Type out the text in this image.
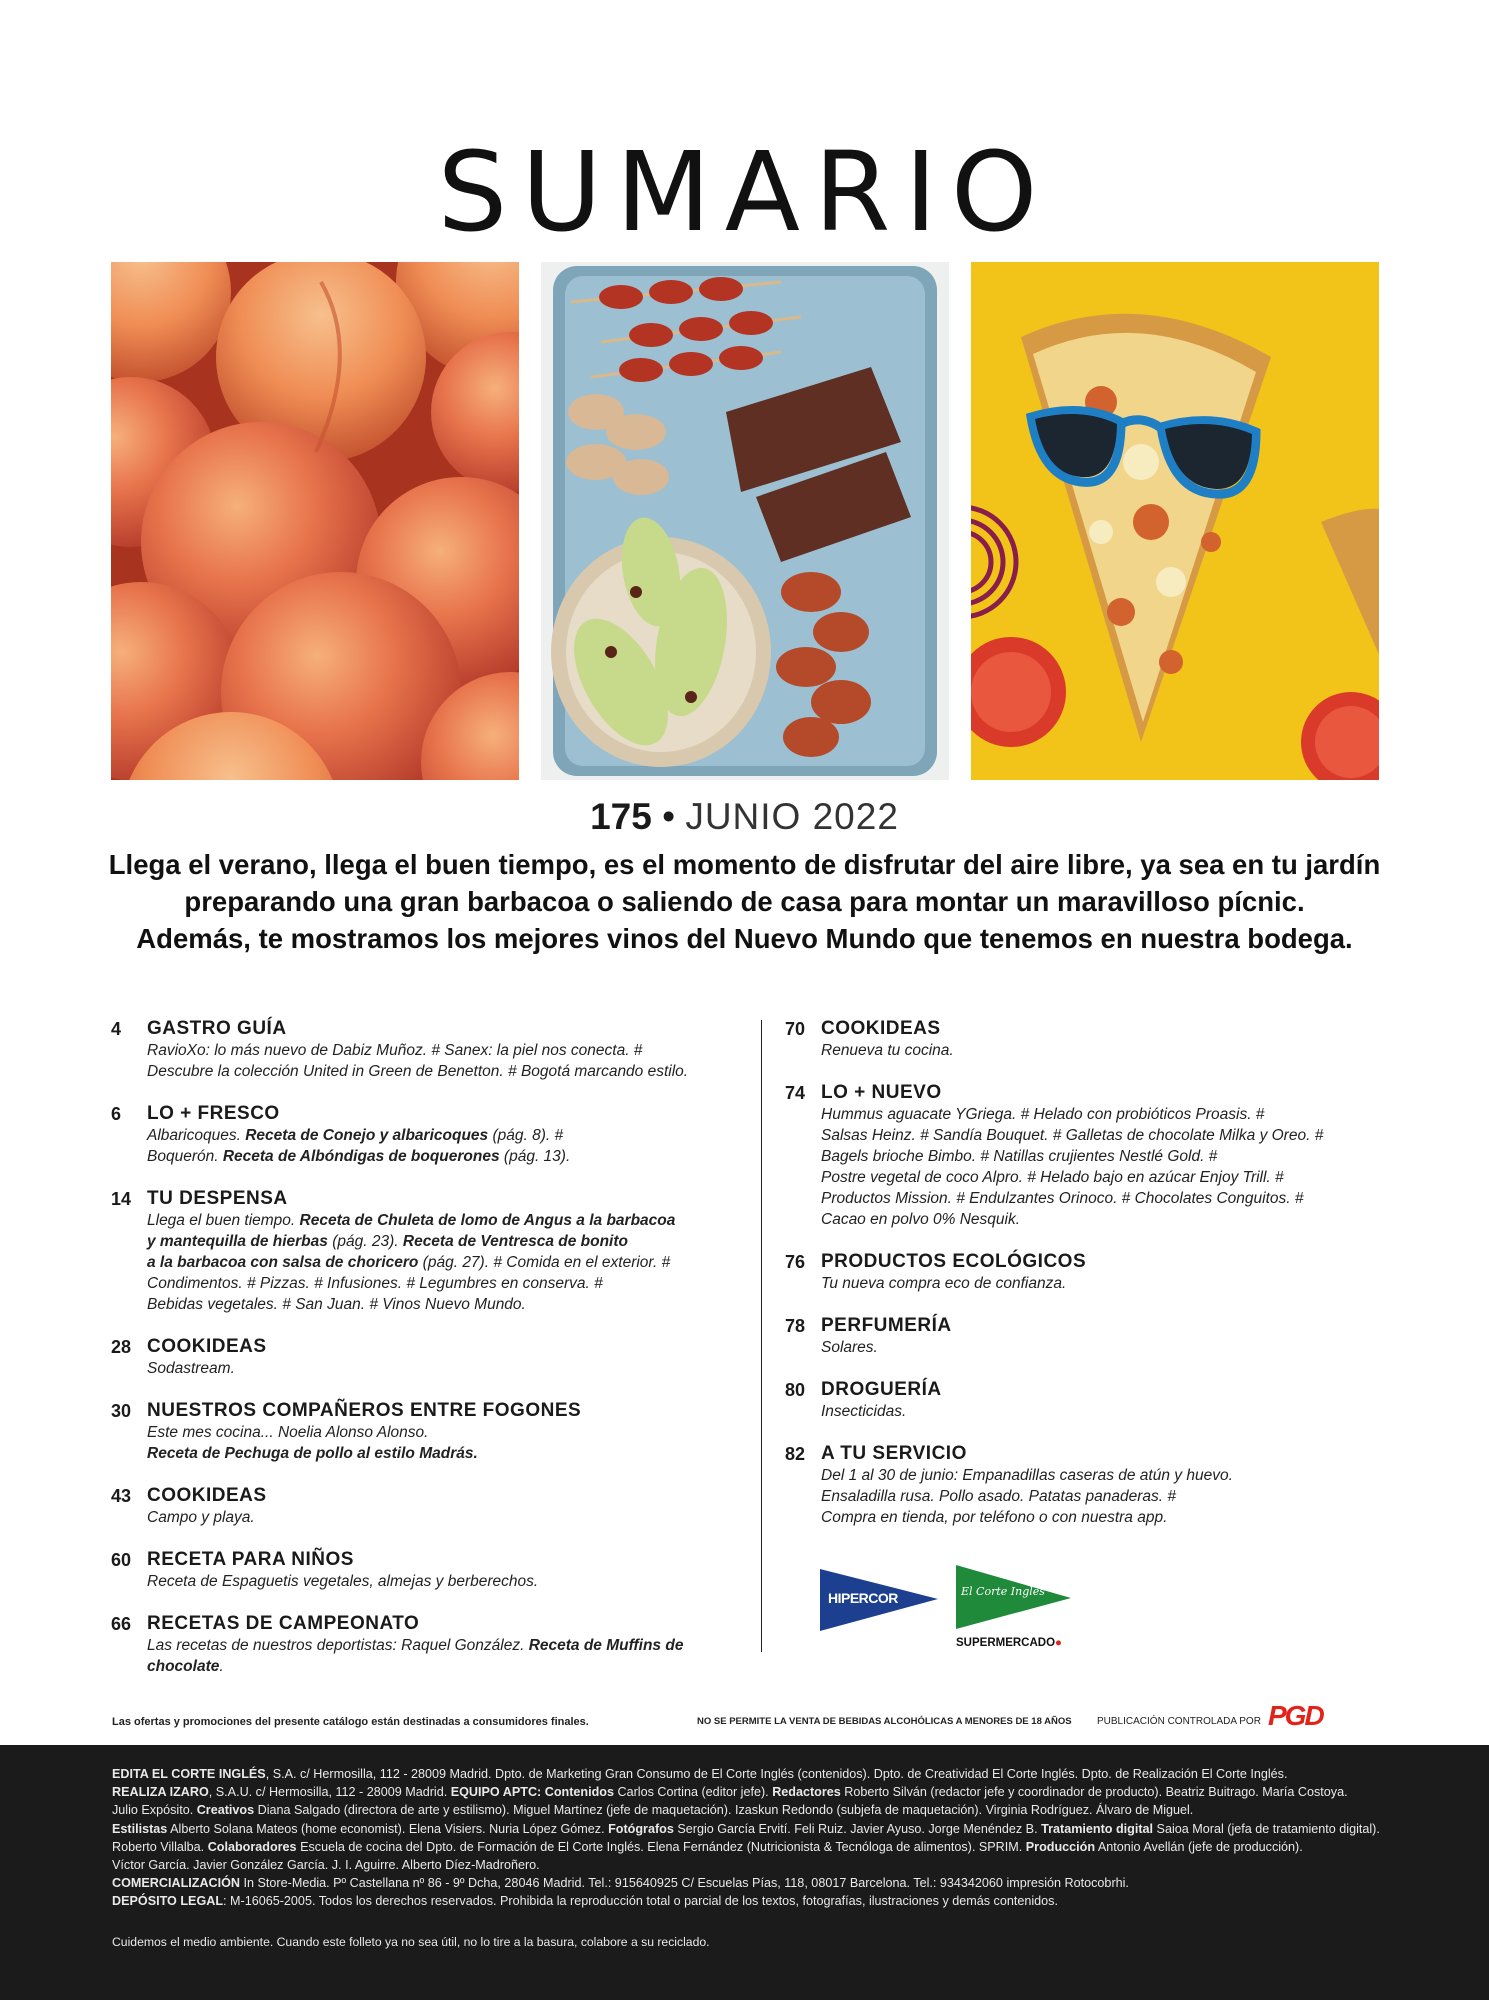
SUMARIO
175 • JUNIO 2022
Llega el verano, llega el buen tiempo, es el momento de disfrutar del aire libre, ya sea en tu jardín
preparando una gran barbacoa o saliendo de casa para montar un maravilloso pícnic.
Además, te mostramos los mejores vinos del Nuevo Mundo que tenemos en nuestra bodega.
4 GASTRO GUÍA
RavioXo: lo más nuevo de Dabiz Muñoz. # Sanex: la piel nos conecta. #
Descubre la colección United in Green de Benetton. # Bogotá marcando estilo.
6 LO + FRESCO
Albaricoques. Receta de Conejo y albaricoques (pág. 8). #
Boquerón. Receta de Albóndigas de boquerones (pág. 13).
14 TU DESPENSA
Llega el buen tiempo. Receta de Chuleta de lomo de Angus a la barbacoa
y mantequilla de hierbas (pág. 23). Receta de Ventresca de bonito
a la barbacoa con salsa de choricero (pág. 27). # Comida en el exterior. #
Condimentos. # Pizzas. # Infusiones. # Legumbres en conserva. #
Bebidas vegetales. # San Juan. # Vinos Nuevo Mundo.
28 COOKIDEAS
Sodastream.
30 NUESTROS COMPAÑEROS ENTRE FOGONES
Este mes cocina... Noelia Alonso Alonso.
Receta de Pechuga de pollo al estilo Madrás.
43 COOKIDEAS
Campo y playa.
60 RECETA PARA NIÑOS
Receta de Espaguetis vegetales, almejas y berberechos.
66 RECETAS DE CAMPEONATO
Las recetas de nuestros deportistas: Raquel González. Receta de Muffins de chocolate.
70 COOKIDEAS
Renueva tu cocina.
74 LO + NUEVO
Hummus aguacate YGriega. # Helado con probióticos Proasis. #
Salsas Heinz. # Sandía Bouquet. # Galletas de chocolate Milka y Oreo. #
Bagels brioche Bimbo. # Natillas crujientes Nestlé Gold. #
Postre vegetal de coco Alpro. # Helado bajo en azúcar Enjoy Trill. #
Productos Mission. # Endulzantes Orinoco. # Chocolates Conguitos. #
Cacao en polvo 0% Nesquik.
76 PRODUCTOS ECOLÓGICOS
Tu nueva compra eco de confianza.
78 PERFUMERÍA
Solares.
80 DROGUERÍA
Insecticidas.
82 A TU SERVICIO
Del 1 al 30 de junio: Empanadillas caseras de atún y huevo.
Ensaladilla rusa. Pollo asado. Patatas panaderas. #
Compra en tienda, por teléfono o con nuestra app.
HIPERCOR	El Corte Inglés
SUPERMERCADO●
Las ofertas y promociones del presente catálogo están destinadas a consumidores finales.	NO SE PERMITE LA VENTA DE BEBIDAS ALCOHÓLICAS A MENORES DE 18 AÑOS	PUBLICACIÓN CONTROLADA POR PGD
EDITA EL CORTE INGLÉS, S.A. c/ Hermosilla, 112 - 28009 Madrid. Dpto. de Marketing Gran Consumo de El Corte Inglés (contenidos). Dpto. de Creatividad El Corte Inglés. Dpto. de Realización El Corte Inglés.
REALIZA IZARO, S.A.U. c/ Hermosilla, 112 - 28009 Madrid. EQUIPO APTC: Contenidos Carlos Cortina (editor jefe). Redactores Roberto Silván (redactor jefe y coordinador de producto). Beatriz Buitrago. María Costoya.
Julio Expósito. Creativos Diana Salgado (directora de arte y estilismo). Miguel Martínez (jefe de maquetación). Izaskun Redondo (subjefa de maquetación). Virginia Rodríguez. Álvaro de Miguel.
Estilistas Alberto Solana Mateos (home economist). Elena Visiers. Nuria López Gómez. Fotógrafos Sergio García Ervití. Feli Ruiz. Javier Ayuso. Jorge Menéndez B. Tratamiento digital Saioa Moral (jefa de tratamiento digital).
Roberto Villalba. Colaboradores Escuela de cocina del Dpto. de Formación de El Corte Inglés. Elena Fernández (Nutricionista & Tecnóloga de alimentos). SPRIM. Producción Antonio Avellán (jefe de producción).
Víctor García. Javier González García. J. I. Aguirre. Alberto Díez-Madroñero.
COMERCIALIZACIÓN In Store-Media. Pº Castellana nº 86 - 9º Dcha, 28046 Madrid. Tel.: 915640925 C/ Escuelas Pías, 118, 08017 Barcelona. Tel.: 934342060 impresión Rotocobrhi.
DEPÓSITO LEGAL: M-16065-2005. Todos los derechos reservados. Prohibida la reproducción total o parcial de los textos, fotografías, ilustraciones y demás contenidos.
Cuidemos el medio ambiente. Cuando este folleto ya no sea útil, no lo tire a la basura, colabore a su reciclado.
